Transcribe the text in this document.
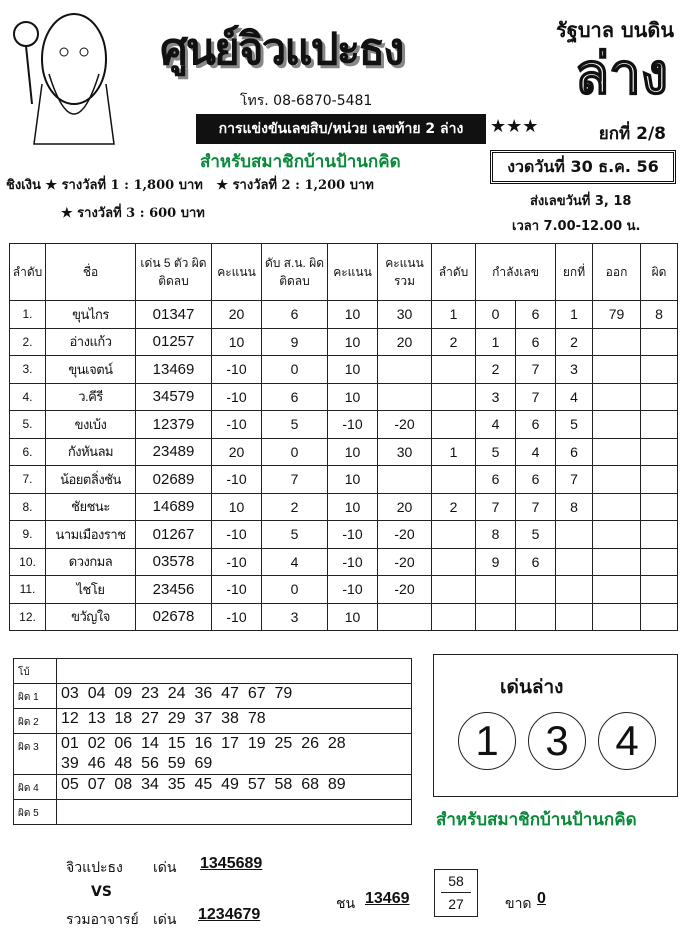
ศูนย์จิวแปะธง
โทร. 08-6870-5481
การแข่งขันเลขสิบ/หน่วย เลขท้าย 2 ล่าง	★★★
รัฐบาล บนดิน
ล่าง
ยกที่ 2/8
งวดวันที่ 30 ธ.ค. 56
ส่งเลขวันที่ 3, 18
เวลา 7.00-12.00 น.
ชิงเงิน ★ รางวัลที่ 1 : 1,800 บาท ★ รางวัลที่ 2 : 1,200 บาท
★ รางวัลที่ 3 : 600 บาท
สำหรับสมาชิกบ้านป้านกคิด
ลำดับ	ชื่อ	เด่น 5 ตัว ผิดติดลบ	คะแนน	ดับ ส.น. ผิดติดลบ	คะแนน	คะแนน รวม	ลำดับ	กำลังเลข		ยกที่	ออก	ผิด
1.	ขุนไกร	01347	20	6	10	30	1	0	6	1	79	8
2.	อ่างแก้ว	01257	10	9	10	20	2	1	6	2		
3.	ขุนเจตน์	13469	-10	0	10			2	7	3		
4.	ว.คีรี	34579	-10	6	10			3	7	4		
5.	ขงเบ้ง	12379	-10	5	-10	-20		4	6	5		
6.	กังหันลม	23489	20	0	10	30	1	5	4	6		
7.	น้อยตลิ่งชัน	02689	-10	7	10			6	6	7		
8.	ชัยชนะ	14689	10	2	10	20	2	7	7	8		
9.	นามเมืองราช	01267	-10	5	-10	-20		8	5			
10.	ดวงกมล	03578	-10	4	-10	-20		9	6			
11.	ไชโย	23456	-10	0	-10	-20						
12.	ขวัญใจ	02678	-10	3	10							
โบ้	
ผิด 1	03  04  09  23  24  36  47  67  79
ผิด 2	12  13  18  27  29  37  38  78
ผิด 3	01  02  06  14  15  16  17  19  25  26  28
39  46  48  56  59  69
ผิด 4	05  07  08  34  35  45  49  57  58  68  89
ผิด 5	
เด่นล่าง
1	3	4
สำหรับสมาชิกบ้านป้านกคิด
จิวแปะธง เด่น 1345689
VS
รวมอาจารย์ เด่น 1234679
ชน 13469
58
27	ขาด 0
